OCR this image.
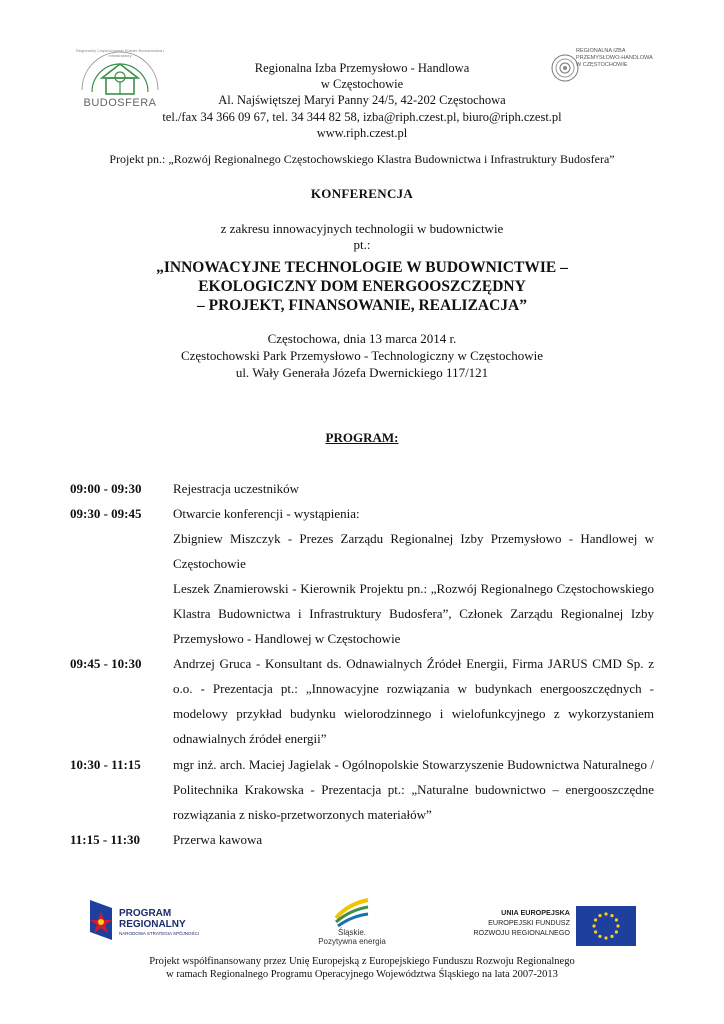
BUDOSFERA
Regionalny Częstochowski Klaster Budownictwa i Infrastruktury
REGIONALNA IZBA
PRZEMYSŁOWO-HANDLOWA
W CZĘSTOCHOWIE
Regionalna Izba Przemysłowo - Handlowa
w Częstochowie
Al. Najświętszej Maryi Panny 24/5, 42-202 Częstochowa
tel./fax 34 366 09 67, tel. 34 344 82 58, izba@riph.czest.pl, biuro@riph.czest.pl
www.riph.czest.pl
Projekt pn.: „Rozwój Regionalnego Częstochowskiego Klastra Budownictwa i Infrastruktury Budosfera”
KONFERENCJA
z zakresu innowacyjnych technologii w budownictwie
pt.:
„INNOWACYJNE TECHNOLOGIE W BUDOWNICTWIE –
EKOLOGICZNY DOM ENERGOOSZCZĘDNY
– PROJEKT, FINANSOWANIE, REALIZACJA”
Częstochowa, dnia 13 marca 2014 r.
Częstochowski Park Przemysłowo - Technologiczny w Częstochowie
ul. Wały Generała Józefa Dwernickiego 117/121
PROGRAM:
09:00 - 09:30	Rejestracja uczestników
09:30 - 09:45	Otwarcie konferencji - wystąpienia:
Zbigniew Miszczyk - Prezes Zarządu Regionalnej Izby Przemysłowo - Handlowej w Częstochowie
Leszek Znamierowski - Kierownik Projektu pn.: „Rozwój Regionalnego Częstochowskiego Klastra Budownictwa i Infrastruktury Budosfera”, Członek Zarządu Regionalnej Izby Przemysłowo - Handlowej w Częstochowie
09:45 - 10:30	Andrzej Gruca - Konsultant ds. Odnawialnych Źródeł Energii, Firma JARUS CMD Sp. z o.o. - Prezentacja pt.: „Innowacyjne rozwiązania w budynkach energooszczędnych - modelowy przykład budynku wielorodzinnego i wielofunkcyjnego z wykorzystaniem odnawialnych źródeł energii”
10:30 - 11:15	mgr inż. arch. Maciej Jagielak - Ogólnopolskie Stowarzyszenie Budownictwa Naturalnego / Politechnika Krakowska - Prezentacja pt.: „Naturalne budownictwo – energooszczędne rozwiązania z nisko-przetworzonych materiałów”
11:15 - 11:30	Przerwa kawowa
PROGRAM
REGIONALNY
NARODOWA STRATEGIA SPÓJNOŚCI	Śląskie.
Pozytywna energia
UNIA EUROPEJSKA
EUROPEJSKI FUNDUSZ
ROZWOJU REGIONALNEGO
Projekt współfinansowany przez Unię Europejską z Europejskiego Funduszu Rozwoju Regionalnego
w ramach Regionalnego Programu Operacyjnego Województwa Śląskiego na lata 2007-2013
